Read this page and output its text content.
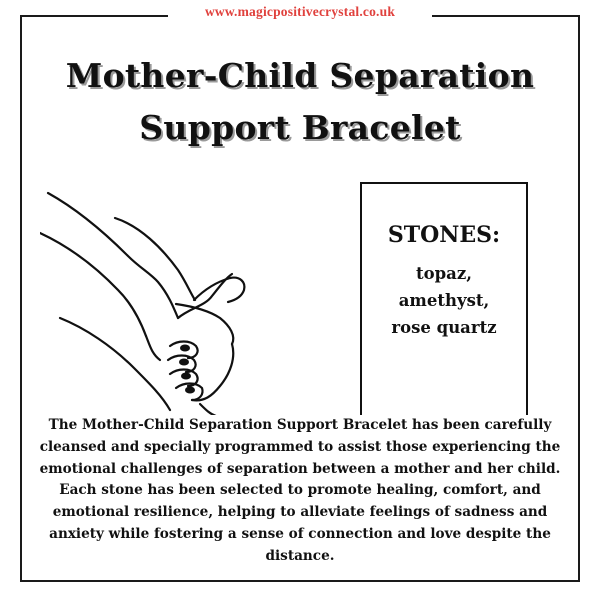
www.magicpositivecrystal.co.uk
Mother-Child Separation
Support Bracelet
STONES:
topaz,
amethyst,
rose quartz
The Mother-Child Separation Support Bracelet has been carefully cleansed and specially programmed to assist those experiencing the emotional challenges of separation between a mother and her child. Each stone has been selected to promote healing, comfort, and emotional resilience, helping to alleviate feelings of sadness and anxiety while fostering a sense of connection and love despite the distance.
